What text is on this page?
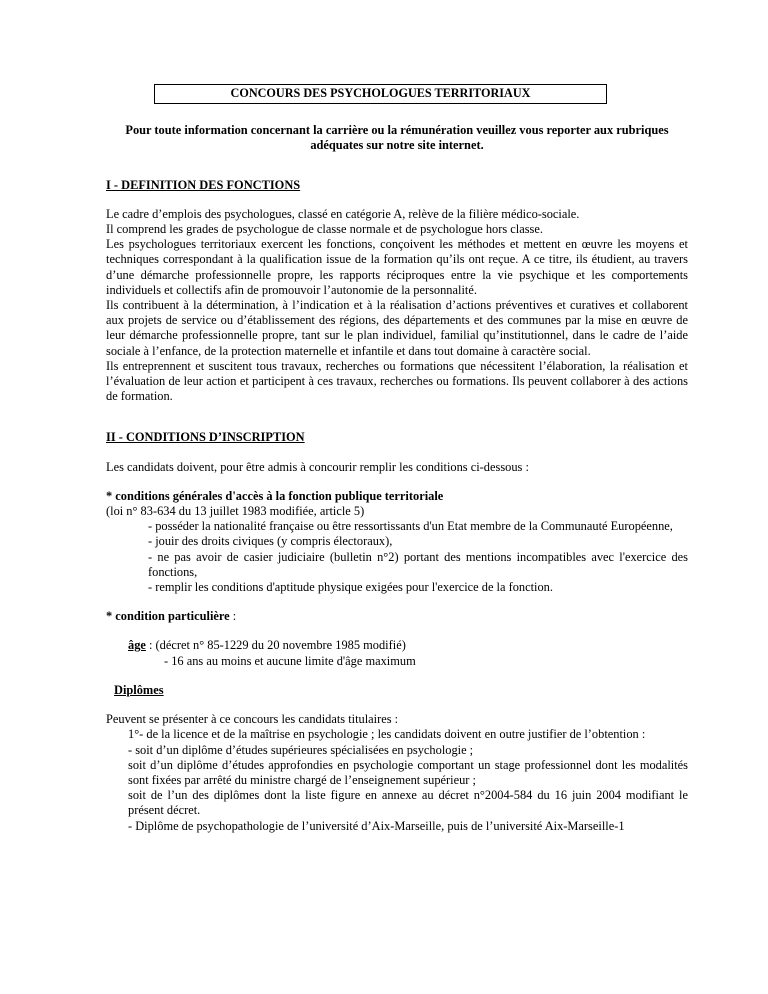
CONCOURS DES PSYCHOLOGUES TERRITORIAUX
Pour toute information concernant la carrière ou la rémunération veuillez vous reporter aux rubriques adéquates sur notre site internet.
I - DEFINITION DES FONCTIONS

Le cadre d’emplois des psychologues, classé en catégorie A, relève de la filière médico-sociale.

Il comprend les grades de psychologue de classe normale et de psychologue hors classe.

Les psychologues territoriaux exercent les fonctions, conçoivent les méthodes et mettent en œuvre les moyens et techniques correspondant à la qualification issue de la formation qu’ils ont reçue. A ce titre, ils étudient, au travers d’une démarche professionnelle propre, les rapports réciproques entre la vie psychique et les comportements individuels et collectifs afin de promouvoir l’autonomie de la personnalité.

Ils contribuent à la détermination, à l’indication et à la réalisation d’actions préventives et curatives et collaborent aux projets de service ou d’établissement des régions, des départements et des communes par la mise en œuvre de leur démarche professionnelle propre, tant sur le plan individuel, familial qu’institutionnel, dans le cadre de l’aide sociale à l’enfance, de la protection maternelle et infantile et dans tout domaine à caractère social.

Ils entreprennent et suscitent tous travaux, recherches ou formations que nécessitent l’élaboration, la réalisation et l’évaluation de leur action et participent à ces travaux, recherches ou formations. Ils peuvent collaborer à des actions de formation.

II - CONDITIONS D’INSCRIPTION

Les candidats doivent, pour être admis à concourir remplir les conditions ci-dessous :

* conditions générales d'accès à la fonction publique territoriale

(loi n° 83-634 du 13 juillet 1983 modifiée, article 5)

- posséder la nationalité française ou être ressortissants d'un Etat membre de la Communauté Européenne,

- jouir des droits civiques (y compris électoraux),

- ne pas avoir de casier judiciaire (bulletin n°2) portant des mentions incompatibles avec l'exercice des fonctions,

- remplir les conditions d'aptitude physique exigées pour l'exercice de la fonction.

* condition particulière :

âge : (décret n° 85-1229 du 20 novembre 1985 modifié)

- 16 ans au moins et aucune limite d'âge maximum

Diplômes

Peuvent se présenter à ce concours les candidats titulaires :

1°- de la licence et de la maîtrise en psychologie ; les candidats doivent en outre justifier de l’obtention :

- soit d’un diplôme d’études supérieures spécialisées en psychologie ;

soit d’un diplôme d’études approfondies en psychologie comportant un stage professionnel dont les modalités sont fixées par arrêté du ministre chargé de l’enseignement supérieur ;

soit de l’un des diplômes dont la liste figure en annexe au décret n°2004-584 du 16 juin 2004 modifiant le présent décret.

- Diplôme de psychopathologie de l’université d’Aix-Marseille, puis de l’université Aix-Marseille-1
